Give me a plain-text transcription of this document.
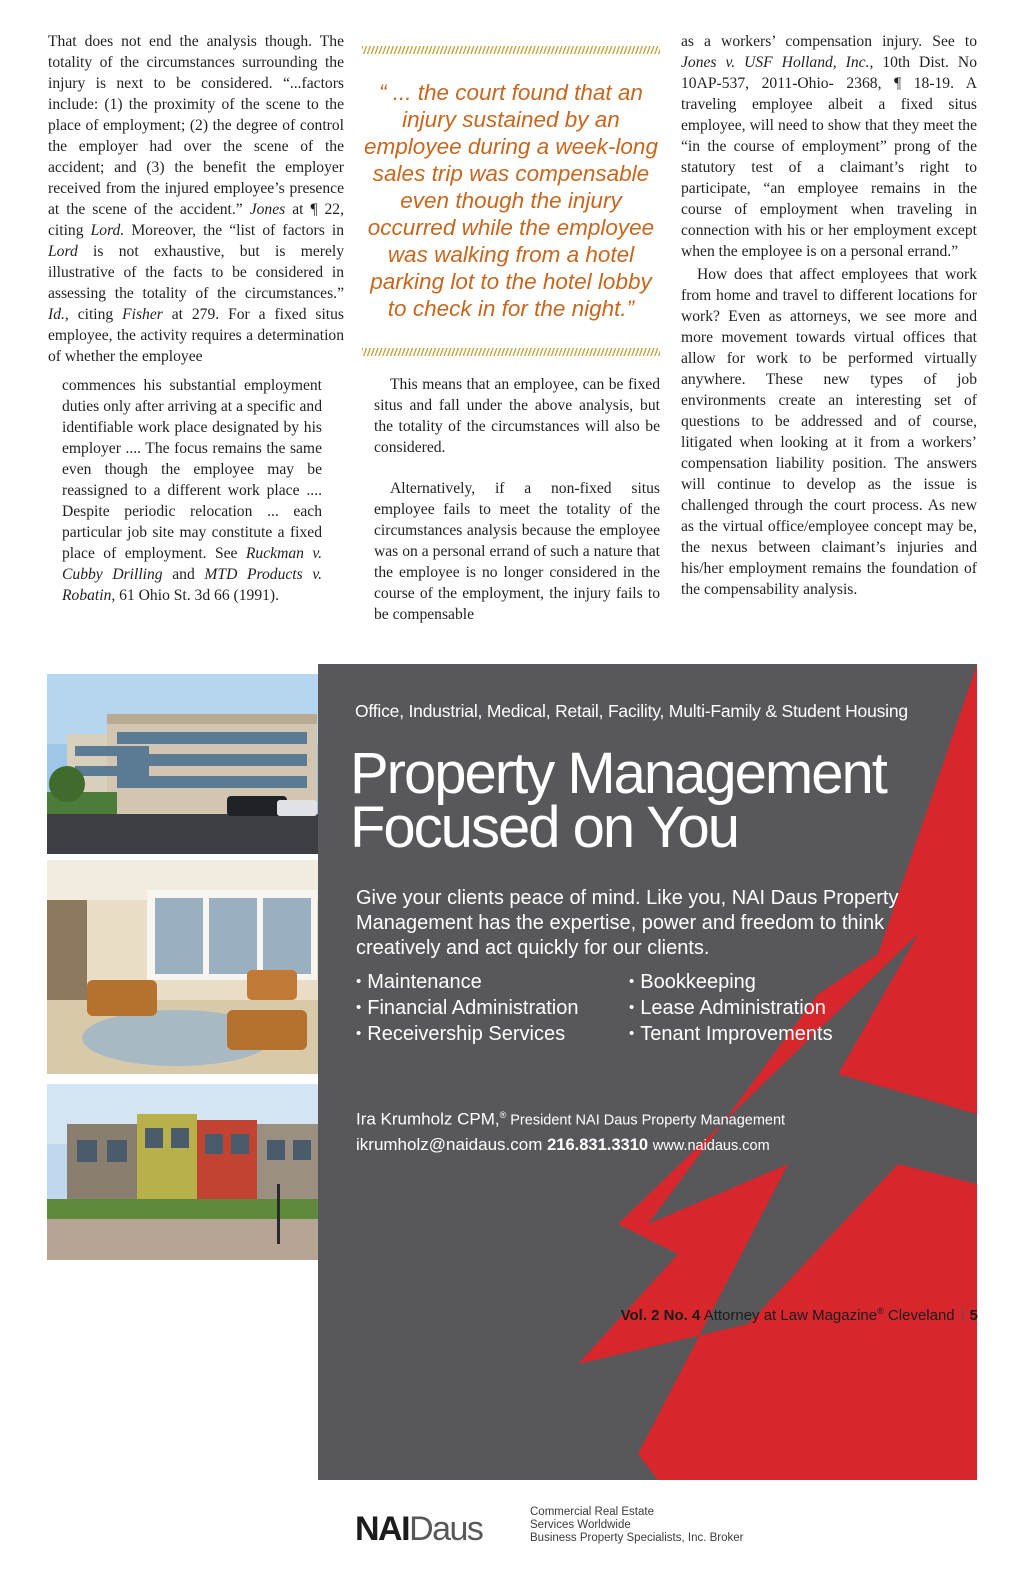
That does not end the analysis though. The totality of the circumstances surrounding the injury is next to be considered. “...factors include: (1) the proximity of the scene to the place of employment; (2) the degree of control the employer had over the scene of the accident; and (3) the benefit the employer received from the injured employee’s presence at the scene of the accident.” Jones at ¶ 22, citing Lord. Moreover, the “list of factors in Lord is not exhaustive, but is merely illustrative of the facts to be considered in assessing the totality of the circumstances.” Id., citing Fisher at 279. For a fixed situs employee, the activity requires a determination of whether the employee

commences his substantial employment duties only after arriving at a specific and identifiable work place designated by his employer .... The focus remains the same even though the employee may be reassigned to a different work place .... Despite periodic relocation ... each particular job site may constitute a fixed place of employment. See Ruckman v. Cubby Drilling and MTD Products v. Robatin, 61 Ohio St. 3d 66 (1991).

“ ... the court found that an injury sustained by an employee during a week-long sales trip was compensable even though the injury occurred while the employee was walking from a hotel parking lot to the hotel lobby to check in for the night.”

This means that an employee, can be fixed situs and fall under the above analysis, but the totality of the circumstances will also be considered.

Alternatively, if a non-fixed situs employee fails to meet the totality of the circumstances analysis because the employee was on a personal errand of such a nature that the employee is no longer considered in the course of the employment, the injury fails to be compensable

as a workers’ compensation injury. See to Jones v. USF Holland, Inc., 10th Dist. No 10AP-537, 2011-Ohio- 2368, ¶ 18-19. A traveling employee albeit a fixed situs employee, will need to show that they meet the “in the course of employment” prong of the statutory test of a claimant’s right to participate, “an employee remains in the course of employment when traveling in connection with his or her employment except when the employee is on a personal errand.”

How does that affect employees that work from home and travel to different locations for work? Even as attorneys, we see more and more movement towards virtual offices that allow for work to be performed virtually anywhere. These new types of job environments create an interesting set of questions to be addressed and of course, litigated when looking at it from a workers’ compensation liability position. The answers will continue to develop as the issue is challenged through the court process. As new as the virtual office/employee concept may be, the nexus between claimant’s injuries and his/her employment remains the foundation of the compensability analysis.

Office, Industrial, Medical, Retail, Facility, Multi-Family & Student Housing
Property Management
Focused on You
Give your clients peace of mind. Like you, NAI Daus Property Management has the expertise, power and freedom to think creatively and act quickly for our clients.
• Maintenance
• Financial Administration
• Receivership Services
• Bookkeeping
• Lease Administration
• Tenant Improvements
Ira Krumholz CPM,® President NAI Daus Property Management
ikrumholz@naidaus.com 216.831.3310 www.naidaus.com
NAIDaus	Commercial Real Estate
Services Worldwide
Business Property Specialists, Inc. Broker
Vol. 2 No. 4 Attorney at Law Magazine® Cleveland 5
